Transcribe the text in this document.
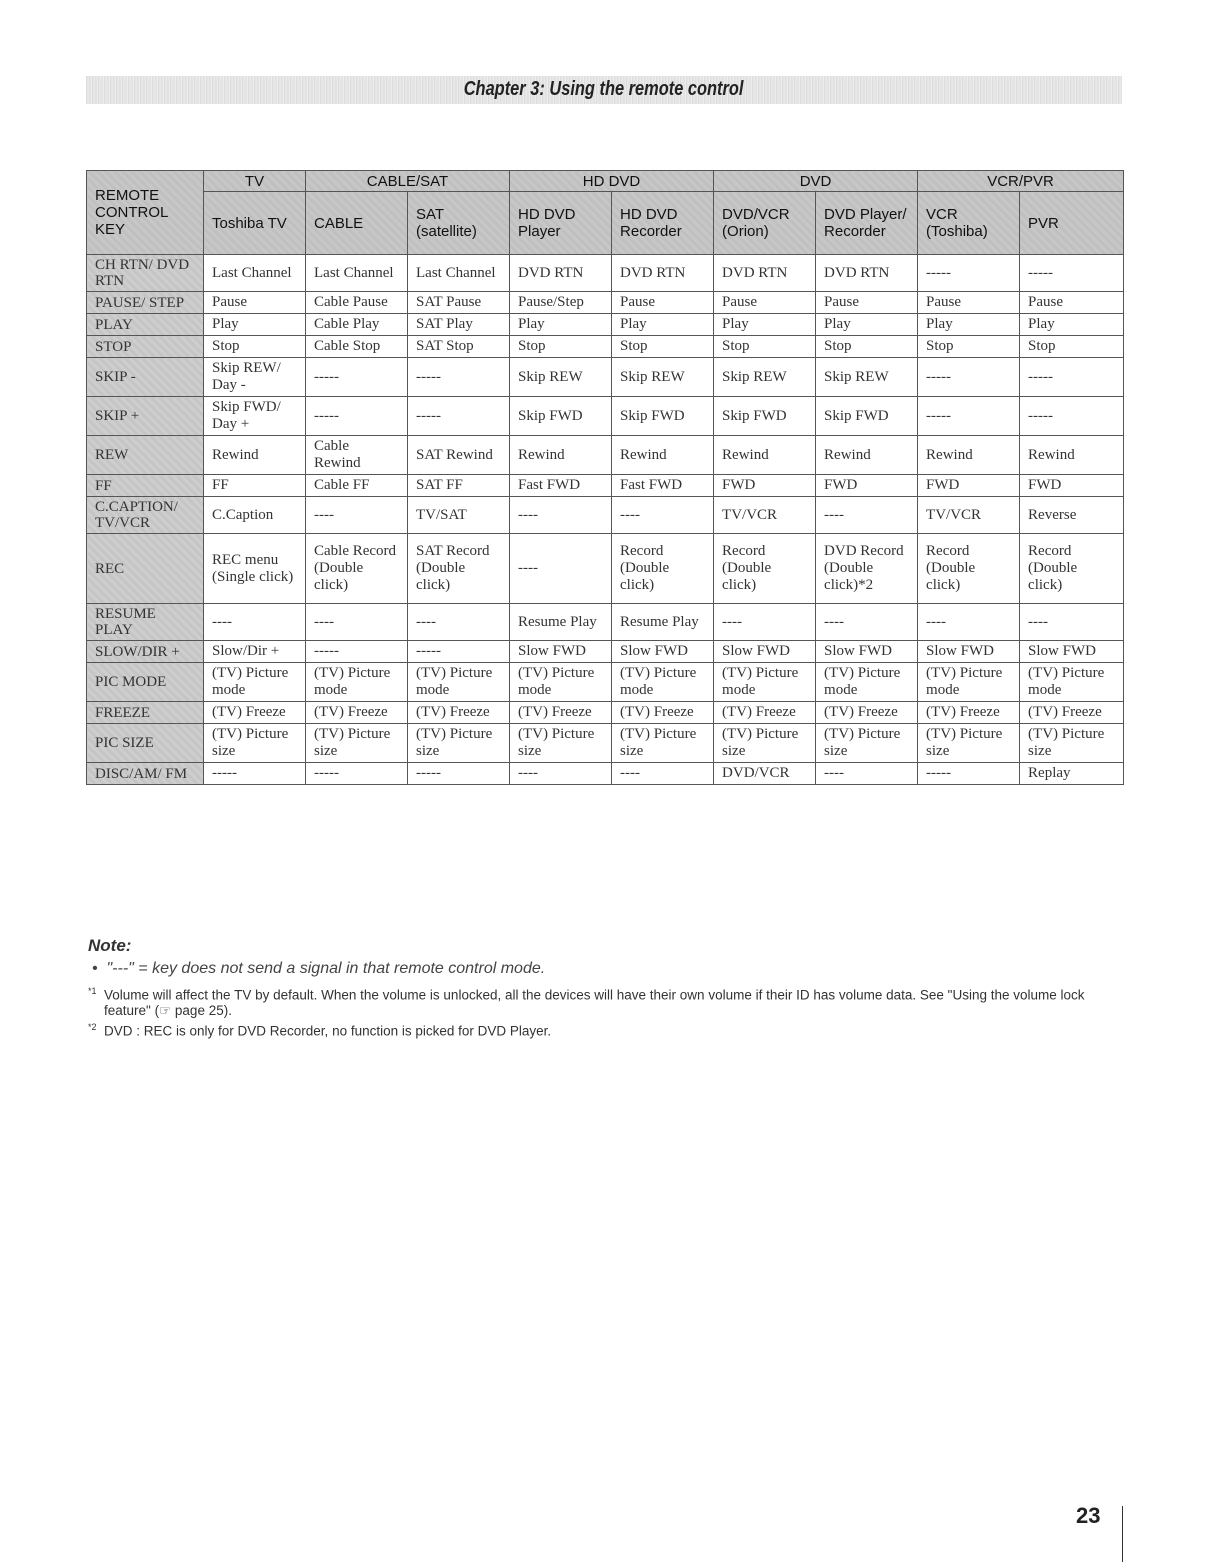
Chapter 3: Using the remote control
REMOTE CONTROL KEY	TV	CABLE/SAT		HD DVD		DVD		VCR/PVR	
	Toshiba TV	CABLE	SAT (satellite)	HD DVD Player	HD DVD Recorder	DVD/VCR (Orion)	DVD Player/ Recorder	VCR (Toshiba)	PVR
CH RTN/ DVD RTN	Last Channel	Last Channel	Last Channel	DVD RTN	DVD RTN	DVD RTN	DVD RTN	-----	-----
PAUSE/ STEP	Pause	Cable Pause	SAT Pause	Pause/Step	Pause	Pause	Pause	Pause	Pause
PLAY	Play	Cable Play	SAT Play	Play	Play	Play	Play	Play	Play
STOP	Stop	Cable Stop	SAT Stop	Stop	Stop	Stop	Stop	Stop	Stop
SKIP -	Skip REW/ Day -	-----	-----	Skip REW	Skip REW	Skip REW	Skip REW	-----	-----
SKIP +	Skip FWD/ Day +	-----	-----	Skip FWD	Skip FWD	Skip FWD	Skip FWD	-----	-----
REW	Rewind	Cable Rewind	SAT Rewind	Rewind	Rewind	Rewind	Rewind	Rewind	Rewind
FF	FF	Cable FF	SAT FF	Fast FWD	Fast FWD	FWD	FWD	FWD	FWD
C.CAPTION/ TV/VCR	C.Caption	----	TV/SAT	----	----	TV/VCR	----	TV/VCR	Reverse
REC	REC menu (Single click)	Cable Record (Double click)	SAT Record (Double click)	----	Record (Double click)	Record (Double click)	DVD Record (Double click)*2	Record (Double click)	Record (Double click)
RESUME PLAY	----	----	----	Resume Play	Resume Play	----	----	----	----
SLOW/DIR +	Slow/Dir +	-----	-----	Slow FWD	Slow FWD	Slow FWD	Slow FWD	Slow FWD	Slow FWD
PIC MODE	(TV) Picture mode	(TV) Picture mode	(TV) Picture mode	(TV) Picture mode	(TV) Picture mode	(TV) Picture mode	(TV) Picture mode	(TV) Picture mode	(TV) Picture mode
FREEZE	(TV) Freeze	(TV) Freeze	(TV) Freeze	(TV) Freeze	(TV) Freeze	(TV) Freeze	(TV) Freeze	(TV) Freeze	(TV) Freeze
PIC SIZE	(TV) Picture size	(TV) Picture size	(TV) Picture size	(TV) Picture size	(TV) Picture size	(TV) Picture size	(TV) Picture size	(TV) Picture size	(TV) Picture size
DISC/AM/ FM	-----	-----	-----	----	----	DVD/VCR	----	-----	Replay

Note:

•  "---" = key does not send a signal in that remote control mode.

$^{*1}$ Volume will affect the TV by default. When the volume is unlocked, all the devices will have their own volume if their ID has volume data. See "Using the volume lock feature" (☞ page 25).

$^{*2}$ DVD : REC is only for DVD Recorder, no function is picked for DVD Player.

23
